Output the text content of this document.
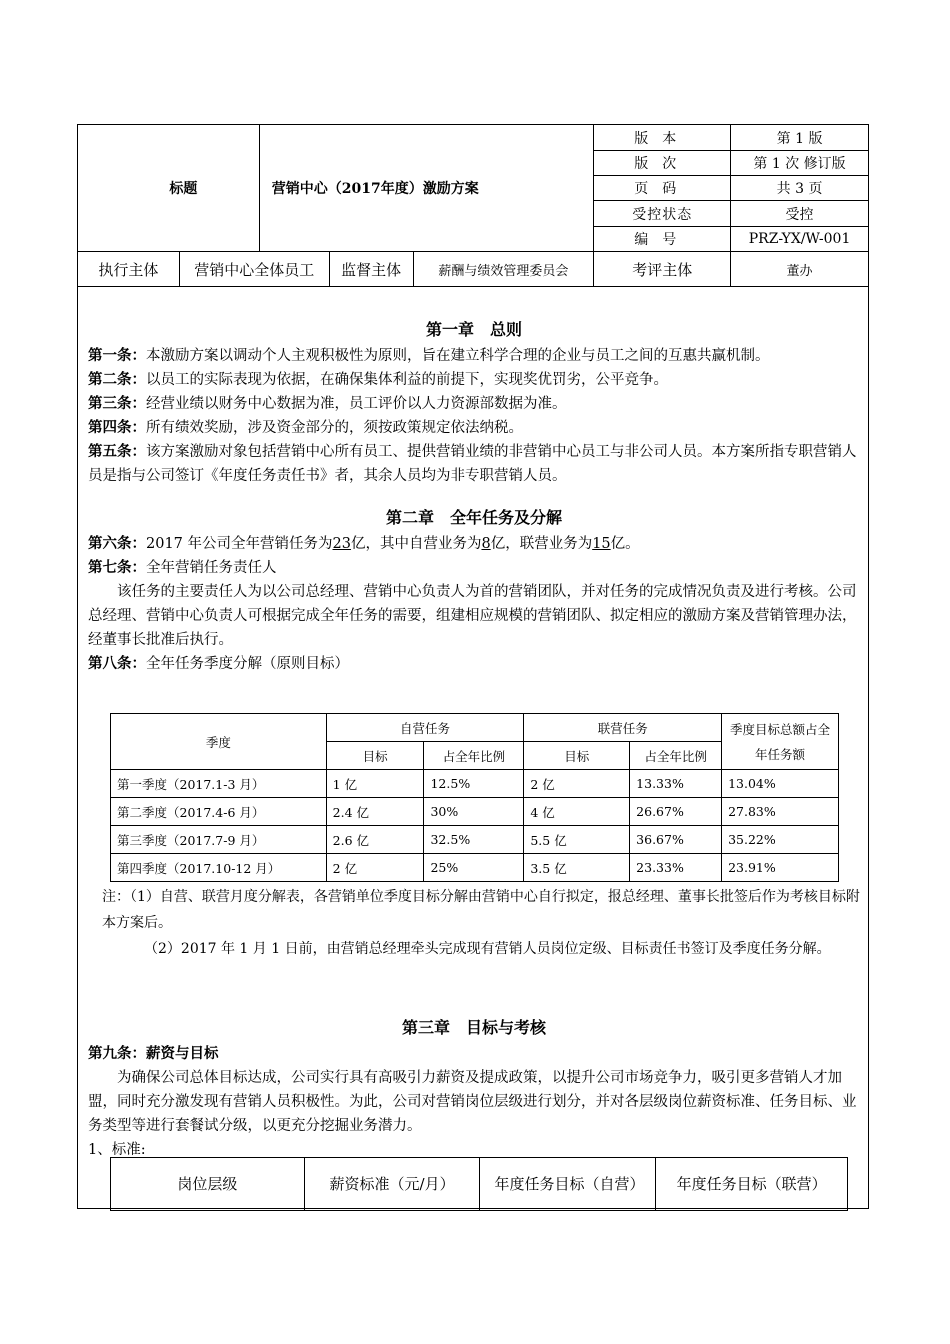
标题		营销中心（2017年度）激励方案			版本	第 1 版
					版次	第 1 次 修订版
					页码	共 3 页
					受控状态	受控
					编号	PRZ-YX/W-001
执行主体	营销中心全体员工		监督主体	薪酬与绩效管理委员会	考评主体	董办
第一章　总则

第一条：本激励方案以调动个人主观积极性为原则，旨在建立科学合理的企业与员工之间的互惠共赢机制。

第二条：以员工的实际表现为依据，在确保集体利益的前提下，实现奖优罚劣，公平竞争。

第三条：经营业绩以财务中心数据为准，员工评价以人力资源部数据为准。

第四条：所有绩效奖励，涉及资金部分的，须按政策规定依法纳税。

第五条：该方案激励对象包括营销中心所有员工、提供营销业绩的非营销中心员工与非公司人员。本方案所指专职营销人员是指与公司签订《年度任务责任书》者，其余人员均为非专职营销人员。

第二章　全年任务及分解

第六条：2017 年公司全年营销任务为23亿，其中自营业务为8亿，联营业务为15亿。

第七条：全年营销任务责任人

该任务的主要责任人为以公司总经理、营销中心负责人为首的营销团队，并对任务的完成情况负责及进行考核。公司总经理、营销中心负责人可根据完成全年任务的需要，组建相应规模的营销团队、拟定相应的激励方案及营销管理办法，经董事长批准后执行。

第八条：全年任务季度分解（原则目标）

季度	自营任务		联营任务		季度目标总额占全年任务额
	目标	占全年比例	目标	占全年比例	
第一季度（2017.1-3 月）	1 亿	12.5%	2 亿	13.33%	13.04%
第二季度（2017.4-6 月）	2.4 亿	30%	4 亿	26.67%	27.83%
第三季度（2017.7-9 月）	2.6 亿	32.5%	5.5 亿	36.67%	35.22%
第四季度（2017.10-12 月）	2 亿	25%	3.5 亿	23.33%	23.91%

注：（1）自营、联营月度分解表，各营销单位季度目标分解由营销中心自行拟定，报总经理、董事长批签后作为考核目标附本方案后。

（2）2017 年 1 月 1 日前，由营销总经理牵头完成现有营销人员岗位定级、目标责任书签订及季度任务分解。

第三章　目标与考核

第九条：薪资与目标

为确保公司总体目标达成，公司实行具有高吸引力薪资及提成政策，以提升公司市场竞争力，吸引更多营销人才加盟，同时充分激发现有营销人员积极性。为此，公司对营销岗位层级进行划分，并对各层级岗位薪资标准、任务目标、业务类型等进行套餐试分级，以更充分挖掘业务潜力。

1、标准:

岗位层级	薪资标准（元/月）	年度任务目标（自营）	年度任务目标（联营）
